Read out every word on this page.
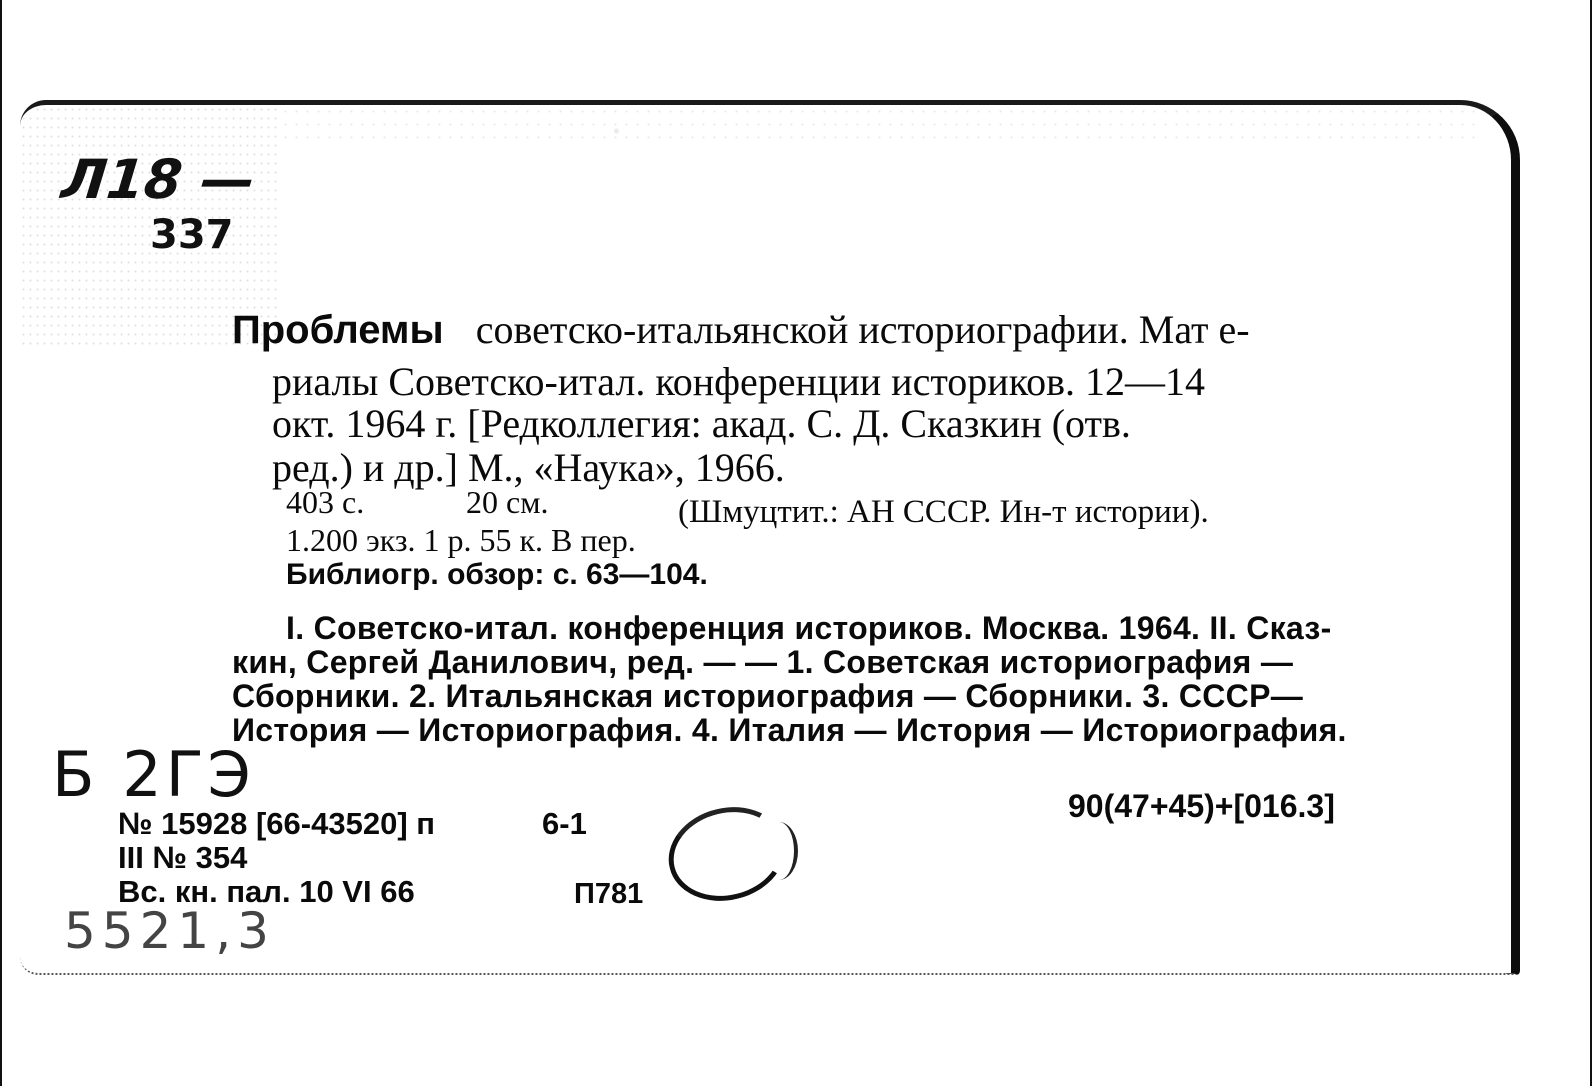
Л18 —
337
Проблемы советско-итальянской историографии. Мат е-
риалы Советско-итал. конференции историков. 12—14
окт. 1964 г. [Редколлегия: акад. С. Д. Сказкин (отв.
ред.) и др.] М., «Наука», 1966.
403 с.	20 см.	(Шмуцтит.: АН СССР. Ин-т истории).
1.200 экз. 1 р. 55 к. В пер.
Библиогр. обзор: с. 63—104.
I. Советско-итал. конференция историков. Москва. 1964. II. Сказ-
кин, Сергей Данилович, ред. — — 1. Советская историография —
Сборники. 2. Итальянская историография — Сборники. 3. СССР—
История — Историография. 4. Италия — История — Историография.
Б 2ГЭ	90(47+45)+[016.3]
№ 15928 [66-43520] п	6-1
III № 354
Вс. кн. пал. 10 VI 66	П781
5521,3
